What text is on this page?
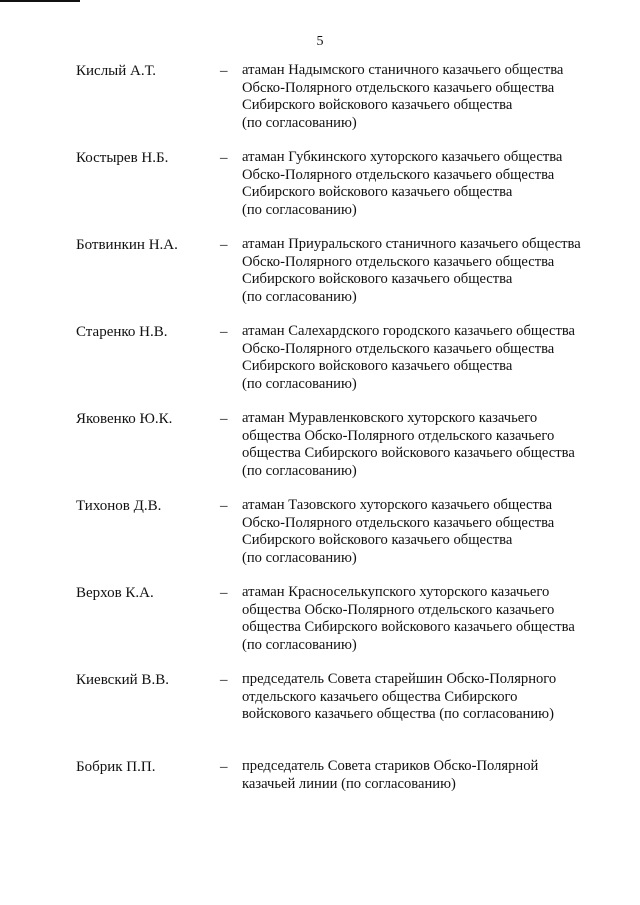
5
Кислый А.Т.	– атаман Надымского станичного казачьего общества
Обско-Полярного отдельского казачьего общества
Сибирского войскового казачьего общества
(по согласованию)
Костырев Н.Б.	– атаман Губкинского хуторского казачьего общества
Обско-Полярного отдельского казачьего общества
Сибирского войскового казачьего общества
(по согласованию)
Ботвинкин Н.А.	– атаман Приуральского станичного казачьего общества
Обско-Полярного отдельского казачьего общества
Сибирского войскового казачьего общества
(по согласованию)
Старенко Н.В.	– атаман Салехардского городского казачьего общества
Обско-Полярного отдельского казачьего общества
Сибирского войскового казачьего общества
(по согласованию)
Яковенко Ю.К.	– атаман Муравленковского хуторского казачьего
общества Обско-Полярного отдельского казачьего
общества Сибирского войскового казачьего общества
(по согласованию)
Тихонов Д.В.	– атаман Тазовского хуторского казачьего общества
Обско-Полярного отдельского казачьего общества
Сибирского войскового казачьего общества
(по согласованию)
Верхов К.А.	– атаман Красноселькупского хуторского казачьего
общества Обско-Полярного отдельского казачьего
общества Сибирского войскового казачьего общества
(по согласованию)
Киевский В.В.	– председатель Совета старейшин Обско-Полярного
отдельского казачьего общества Сибирского
войскового казачьего общества (по согласованию)
Бобрик П.П.	– председатель Совета стариков Обско-Полярной
казачьей линии (по согласованию)
